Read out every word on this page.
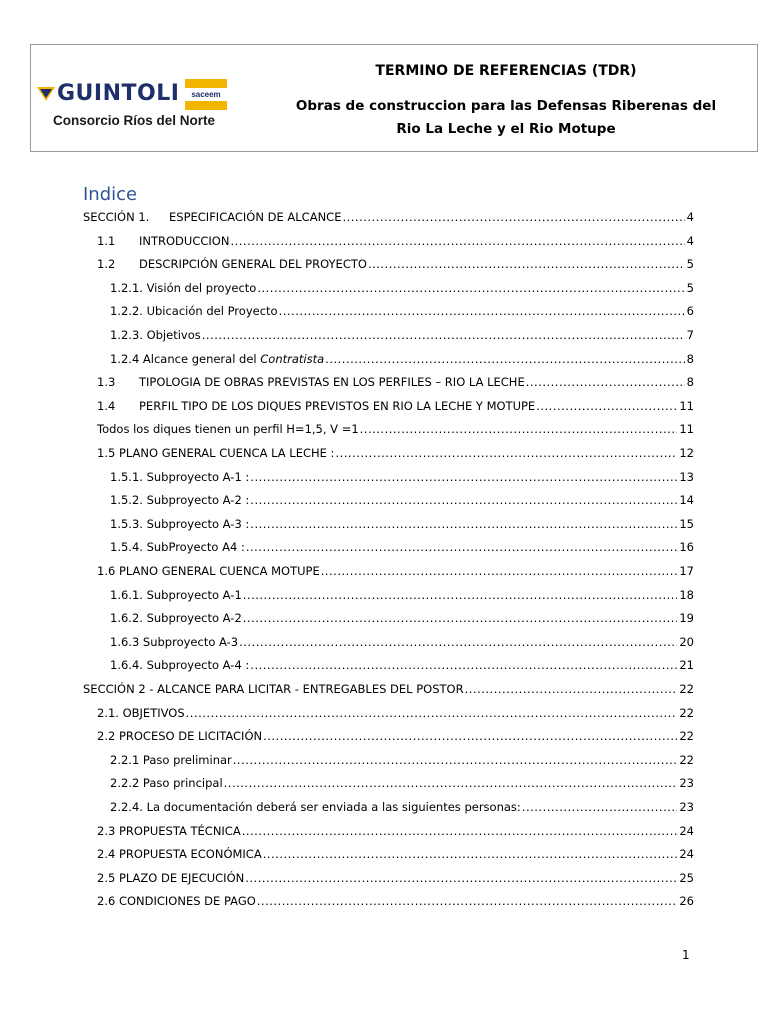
GUINTOLI	saceem
Consorcio Ríos del Norte
TERMINO DE REFERENCIAS (TDR)
Obras de construccion para las Defensas Riberenas del
Rio La Leche y el Rio Motupe
Indice
SECCIÓN 1.	ESPECIFICACIÓN DE ALCANCE .....	4
1.1	INTRODUCCION .....	4
1.2	DESCRIPCIÓN GENERAL DEL PROYECTO .....	5
1.2.1. Visión del proyecto .....	5
1.2.2. Ubicación del Proyecto .....	6
1.2.3. Objetivos .....	7
1.2.4 Alcance general del Contratista .....	8
1.3	TIPOLOGIA DE OBRAS PREVISTAS EN LOS PERFILES – RIO LA LECHE .....	8
1.4	PERFIL TIPO DE LOS DIQUES PREVISTOS EN RIO LA LECHE Y MOTUPE .....	11
Todos los diques tienen un perfil H=1,5, V =1 .....	11
1.5 PLANO GENERAL CUENCA LA LECHE : .....	12
1.5.1. Subproyecto A-1 : .....	13
1.5.2. Subproyecto A-2 : .....	14
1.5.3. Subproyecto A-3 : .....	15
1.5.4. SubProyecto A4 : .....	16
1.6 PLANO GENERAL CUENCA MOTUPE .....	17
1.6.1. Subproyecto A-1 .....	18
1.6.2. Subproyecto A-2 .....	19
1.6.3 Subproyecto A-3 .....	20
1.6.4. Subproyecto A-4 : .....	21
SECCIÓN 2 - ALCANCE PARA LICITAR - ENTREGABLES DEL POSTOR .....	22
2.1. OBJETIVOS .....	22
2.2 PROCESO DE LICITACIÓN .....	22
2.2.1 Paso preliminar .....	22
2.2.2 Paso principal .....	23
2.2.4. La documentación deberá ser enviada a las siguientes personas: .....	23
2.3 PROPUESTA TÉCNICA .....	24
2.4 PROPUESTA ECONÓMICA .....	24
2.5 PLAZO DE EJECUCIÓN .....	25
2.6 CONDICIONES DE PAGO .....	26
1
